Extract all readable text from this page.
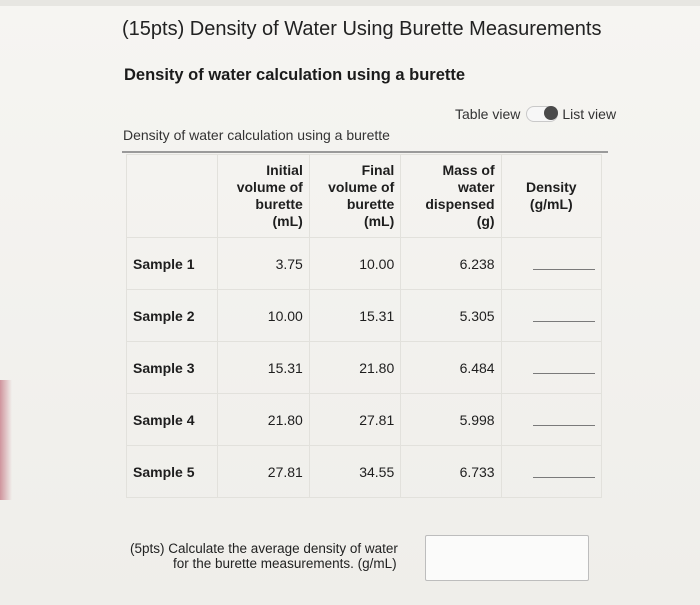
(15pts) Density of Water Using Burette Measurements
Density of water calculation using a burette
Table view	List view
Density of water calculation using a burette
	Initial volume of burette (mL)	Final volume of burette (mL)	Mass of water dispensed (g)	Density (g/mL)
Sample 1	3.75	10.00	6.238	
Sample 2	10.00	15.31	5.305	
Sample 3	15.31	21.80	6.484	
Sample 4	21.80	27.81	5.998	
Sample 5	27.81	34.55	6.733	
(5pts) Calculate the average density of water
for the burette measurements. (g/mL)
